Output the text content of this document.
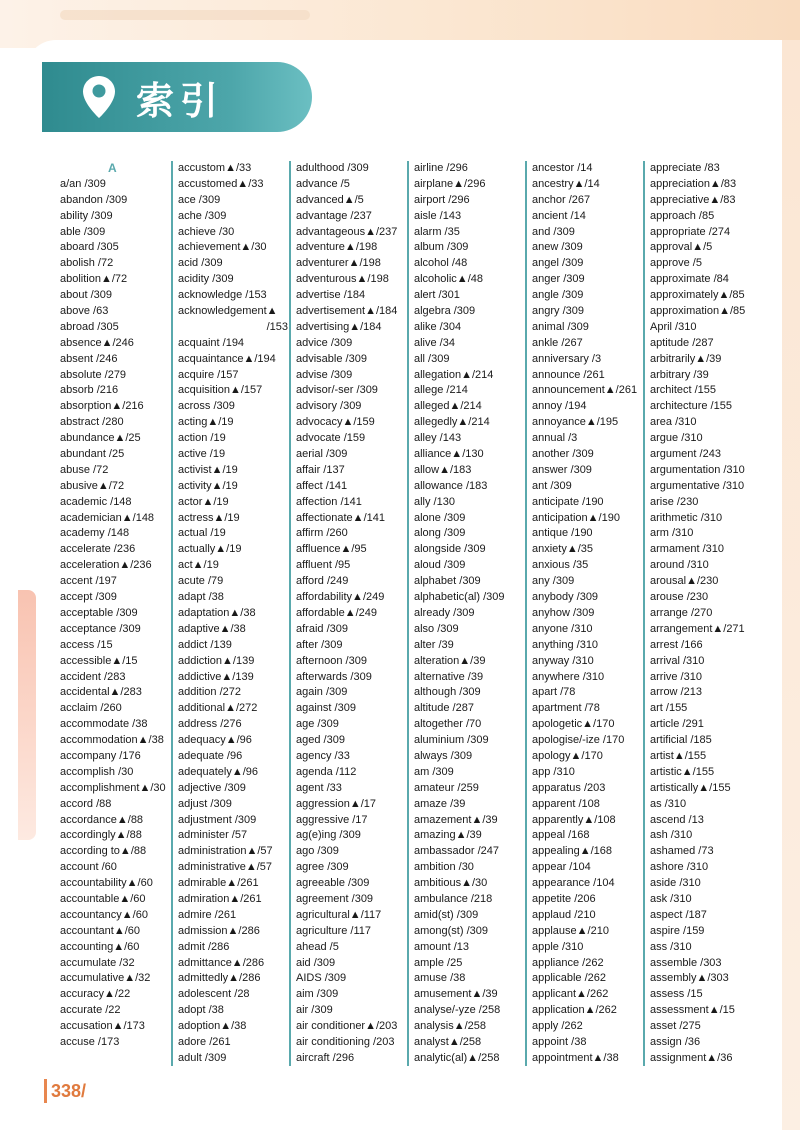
索引
A
a/an /309
abandon /309
ability /309
able /309
aboard /305
abolish /72
abolition▲/72
about /309
above /63
abroad /305
absence▲/246
absent /246
absolute /279
absorb /216
absorption▲/216
abstract /280
abundance▲/25
abundant /25
abuse /72
abusive▲/72
academic /148
academician▲/148
academy /148
accelerate /236
acceleration▲/236
accent /197
accept /309
acceptable /309
acceptance /309
access /15
accessible▲/15
accident /283
accidental▲/283
acclaim /260
accommodate /38
accommodation▲/38
accompany /176
accomplish /30
accomplishment▲/30
accord /88
accordance▲/88
accordingly▲/88
according to▲/88
account /60
accountability▲/60
accountable▲/60
accountancy▲/60
accountant▲/60
accounting▲/60
accumulate /32
accumulative▲/32
accuracy▲/22
accurate /22
accusation▲/173
accuse /173
accustom▲/33
accustomed▲/33
ace /309
ache /309
achieve /30
achievement▲/30
acid /309
acidity /309
acknowledge /153
acknowledgement▲
/153
acquaint /194
acquaintance▲/194
acquire /157
acquisition▲/157
across /309
acting▲/19
action /19
active /19
activist▲/19
activity▲/19
actor▲/19
actress▲/19
actual /19
actually▲/19
act▲/19
acute /79
adapt /38
adaptation▲/38
adaptive▲/38
addict /139
addiction▲/139
addictive▲/139
addition /272
additional▲/272
address /276
adequacy▲/96
adequate /96
adequately▲/96
adjective /309
adjust /309
adjustment /309
administer /57
administration▲/57
administrative▲/57
admirable▲/261
admiration▲/261
admire /261
admission▲/286
admit /286
admittance▲/286
admittedly▲/286
adolescent /28
adopt /38
adoption▲/38
adore /261
adult /309
adulthood /309
advance /5
advanced▲/5
advantage /237
advantageous▲/237
adventure▲/198
adventurer▲/198
adventurous▲/198
advertise /184
advertisement▲/184
advertising▲/184
advice /309
advisable /309
advise /309
advisor/-ser /309
advisory /309
advocacy▲/159
advocate /159
aerial /309
affair /137
affect /141
affection /141
affectionate▲/141
affirm /260
affluence▲/95
affluent /95
afford /249
affordability▲/249
affordable▲/249
afraid /309
after /309
afternoon /309
afterwards /309
again /309
against /309
age /309
aged /309
agency /33
agenda /112
agent /33
aggression▲/17
aggressive /17
ag(e)ing /309
ago /309
agree /309
agreeable /309
agreement /309
agricultural▲/117
agriculture /117
ahead /5
aid /309
AIDS /309
aim /309
air /309
air conditioner▲/203
air conditioning /203
aircraft /296
airline /296
airplane▲/296
airport /296
aisle /143
alarm /35
album /309
alcohol /48
alcoholic▲/48
alert /301
algebra /309
alike /304
alive /34
all /309
allegation▲/214
allege /214
alleged▲/214
allegedly▲/214
alley /143
alliance▲/130
allow▲/183
allowance /183
ally /130
alone /309
along /309
alongside /309
aloud /309
alphabet /309
alphabetic(al) /309
already /309
also /309
alter /39
alteration▲/39
alternative /39
although /309
altitude /287
altogether /70
aluminium /309
always /309
am /309
amateur /259
amaze /39
amazement▲/39
amazing▲/39
ambassador /247
ambition /30
ambitious▲/30
ambulance /218
amid(st) /309
among(st) /309
amount /13
ample /25
amuse /38
amusement▲/39
analyse/-yze /258
analysis▲/258
analyst▲/258
analytic(al)▲/258
ancestor /14
ancestry▲/14
anchor /267
ancient /14
and /309
anew /309
angel /309
anger /309
angle /309
angry /309
animal /309
ankle /267
anniversary /3
announce /261
announcement▲/261
annoy /194
annoyance▲/195
annual /3
another /309
answer /309
ant /309
anticipate /190
anticipation▲/190
antique /190
anxiety▲/35
anxious /35
any /309
anybody /309
anyhow /309
anyone /310
anything /310
anyway /310
anywhere /310
apart /78
apartment /78
apologetic▲/170
apologise/-ize /170
apology▲/170
app /310
apparatus /203
apparent /108
apparently▲/108
appeal /168
appealing▲/168
appear /104
appearance /104
appetite /206
applaud /210
applause▲/210
apple /310
appliance /262
applicable /262
applicant▲/262
application▲/262
apply /262
appoint /38
appointment▲/38
appreciate /83
appreciation▲/83
appreciative▲/83
approach /85
appropriate /274
approval▲/5
approve /5
approximate /84
approximately▲/85
approximation▲/85
April /310
aptitude /287
arbitrarily▲/39
arbitrary /39
architect /155
architecture /155
area /310
argue /310
argument /243
argumentation /310
argumentative /310
arise /230
arithmetic /310
arm /310
armament /310
around /310
arousal▲/230
arouse /230
arrange /270
arrangement▲/271
arrest /166
arrival /310
arrive /310
arrow /213
art /155
article /291
artificial /185
artist▲/155
artistic▲/155
artistically▲/155
as /310
ascend /13
ash /310
ashamed /73
ashore /310
aside /310
ask /310
aspect /187
aspire /159
ass /310
assemble /303
assembly▲/303
assess /15
assessment▲/15
asset /275
assign /36
assignment▲/36
338/
